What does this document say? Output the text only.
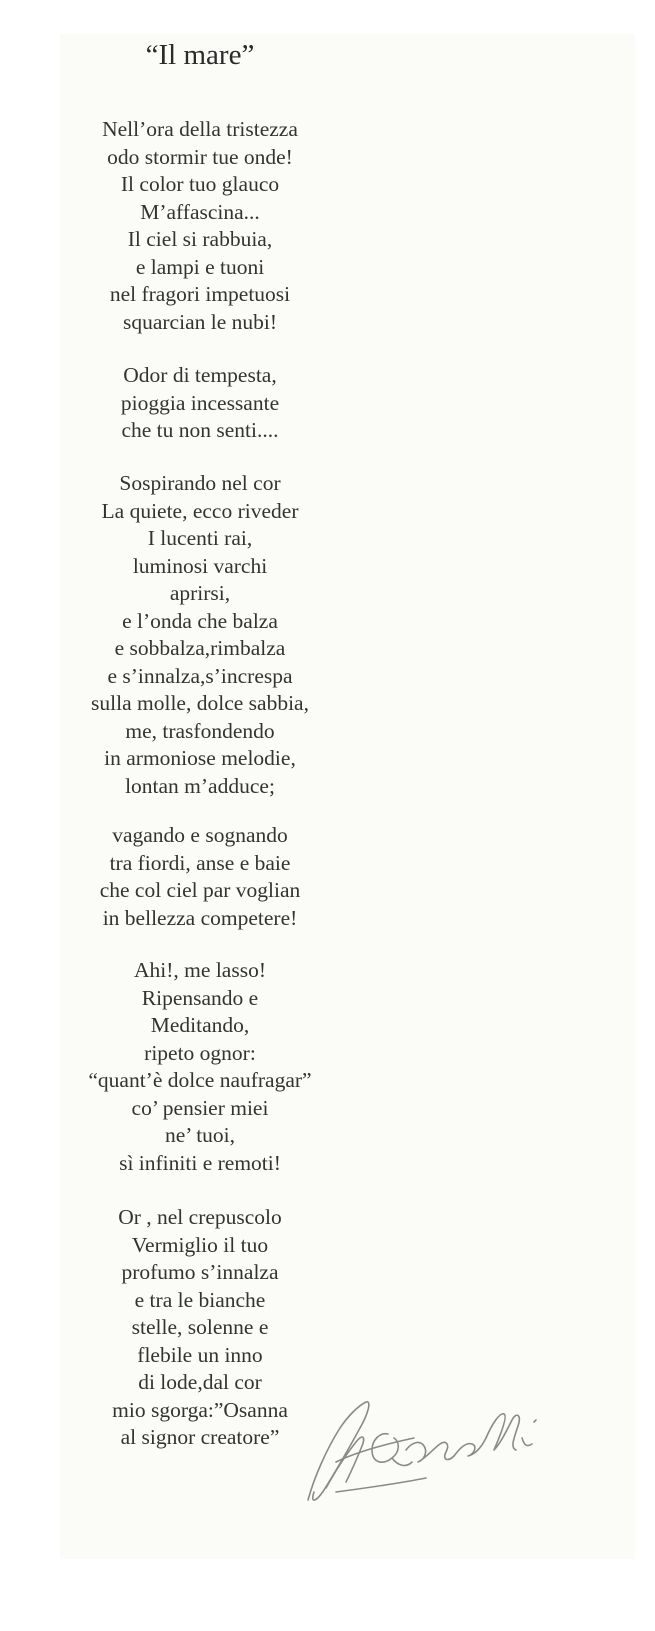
“Il mare”
Nell’ora della tristezza
odo stormir tue onde!
Il color tuo glauco
M’affascina...
Il ciel si rabbuia,
e lampi e tuoni
nel fragori impetuosi
squarcian le nubi!
Odor di tempesta,
pioggia incessante
che tu non senti....
Sospirando nel cor
La quiete, ecco riveder
I lucenti rai,
luminosi varchi
aprirsi,
e l’onda che balza
e sobbalza,rimbalza
e s’innalza,s’increspa
sulla molle, dolce sabbia,
me, trasfondendo
in armoniose melodie,
lontan m’adduce;
vagando e sognando
tra fiordi, anse e baie
che col ciel par voglian
in bellezza competere!
Ahi!, me lasso!
Ripensando e
Meditando,
ripeto ognor:
“quant’è dolce naufragar”
co’ pensier miei
ne’ tuoi,
sì infiniti e remoti!
Or , nel crepuscolo
Vermiglio il tuo
profumo s’innalza
e tra le bianche
stelle, solenne e
flebile un inno
di lode,dal cor
mio sgorga:”Osanna
al signor creatore”
